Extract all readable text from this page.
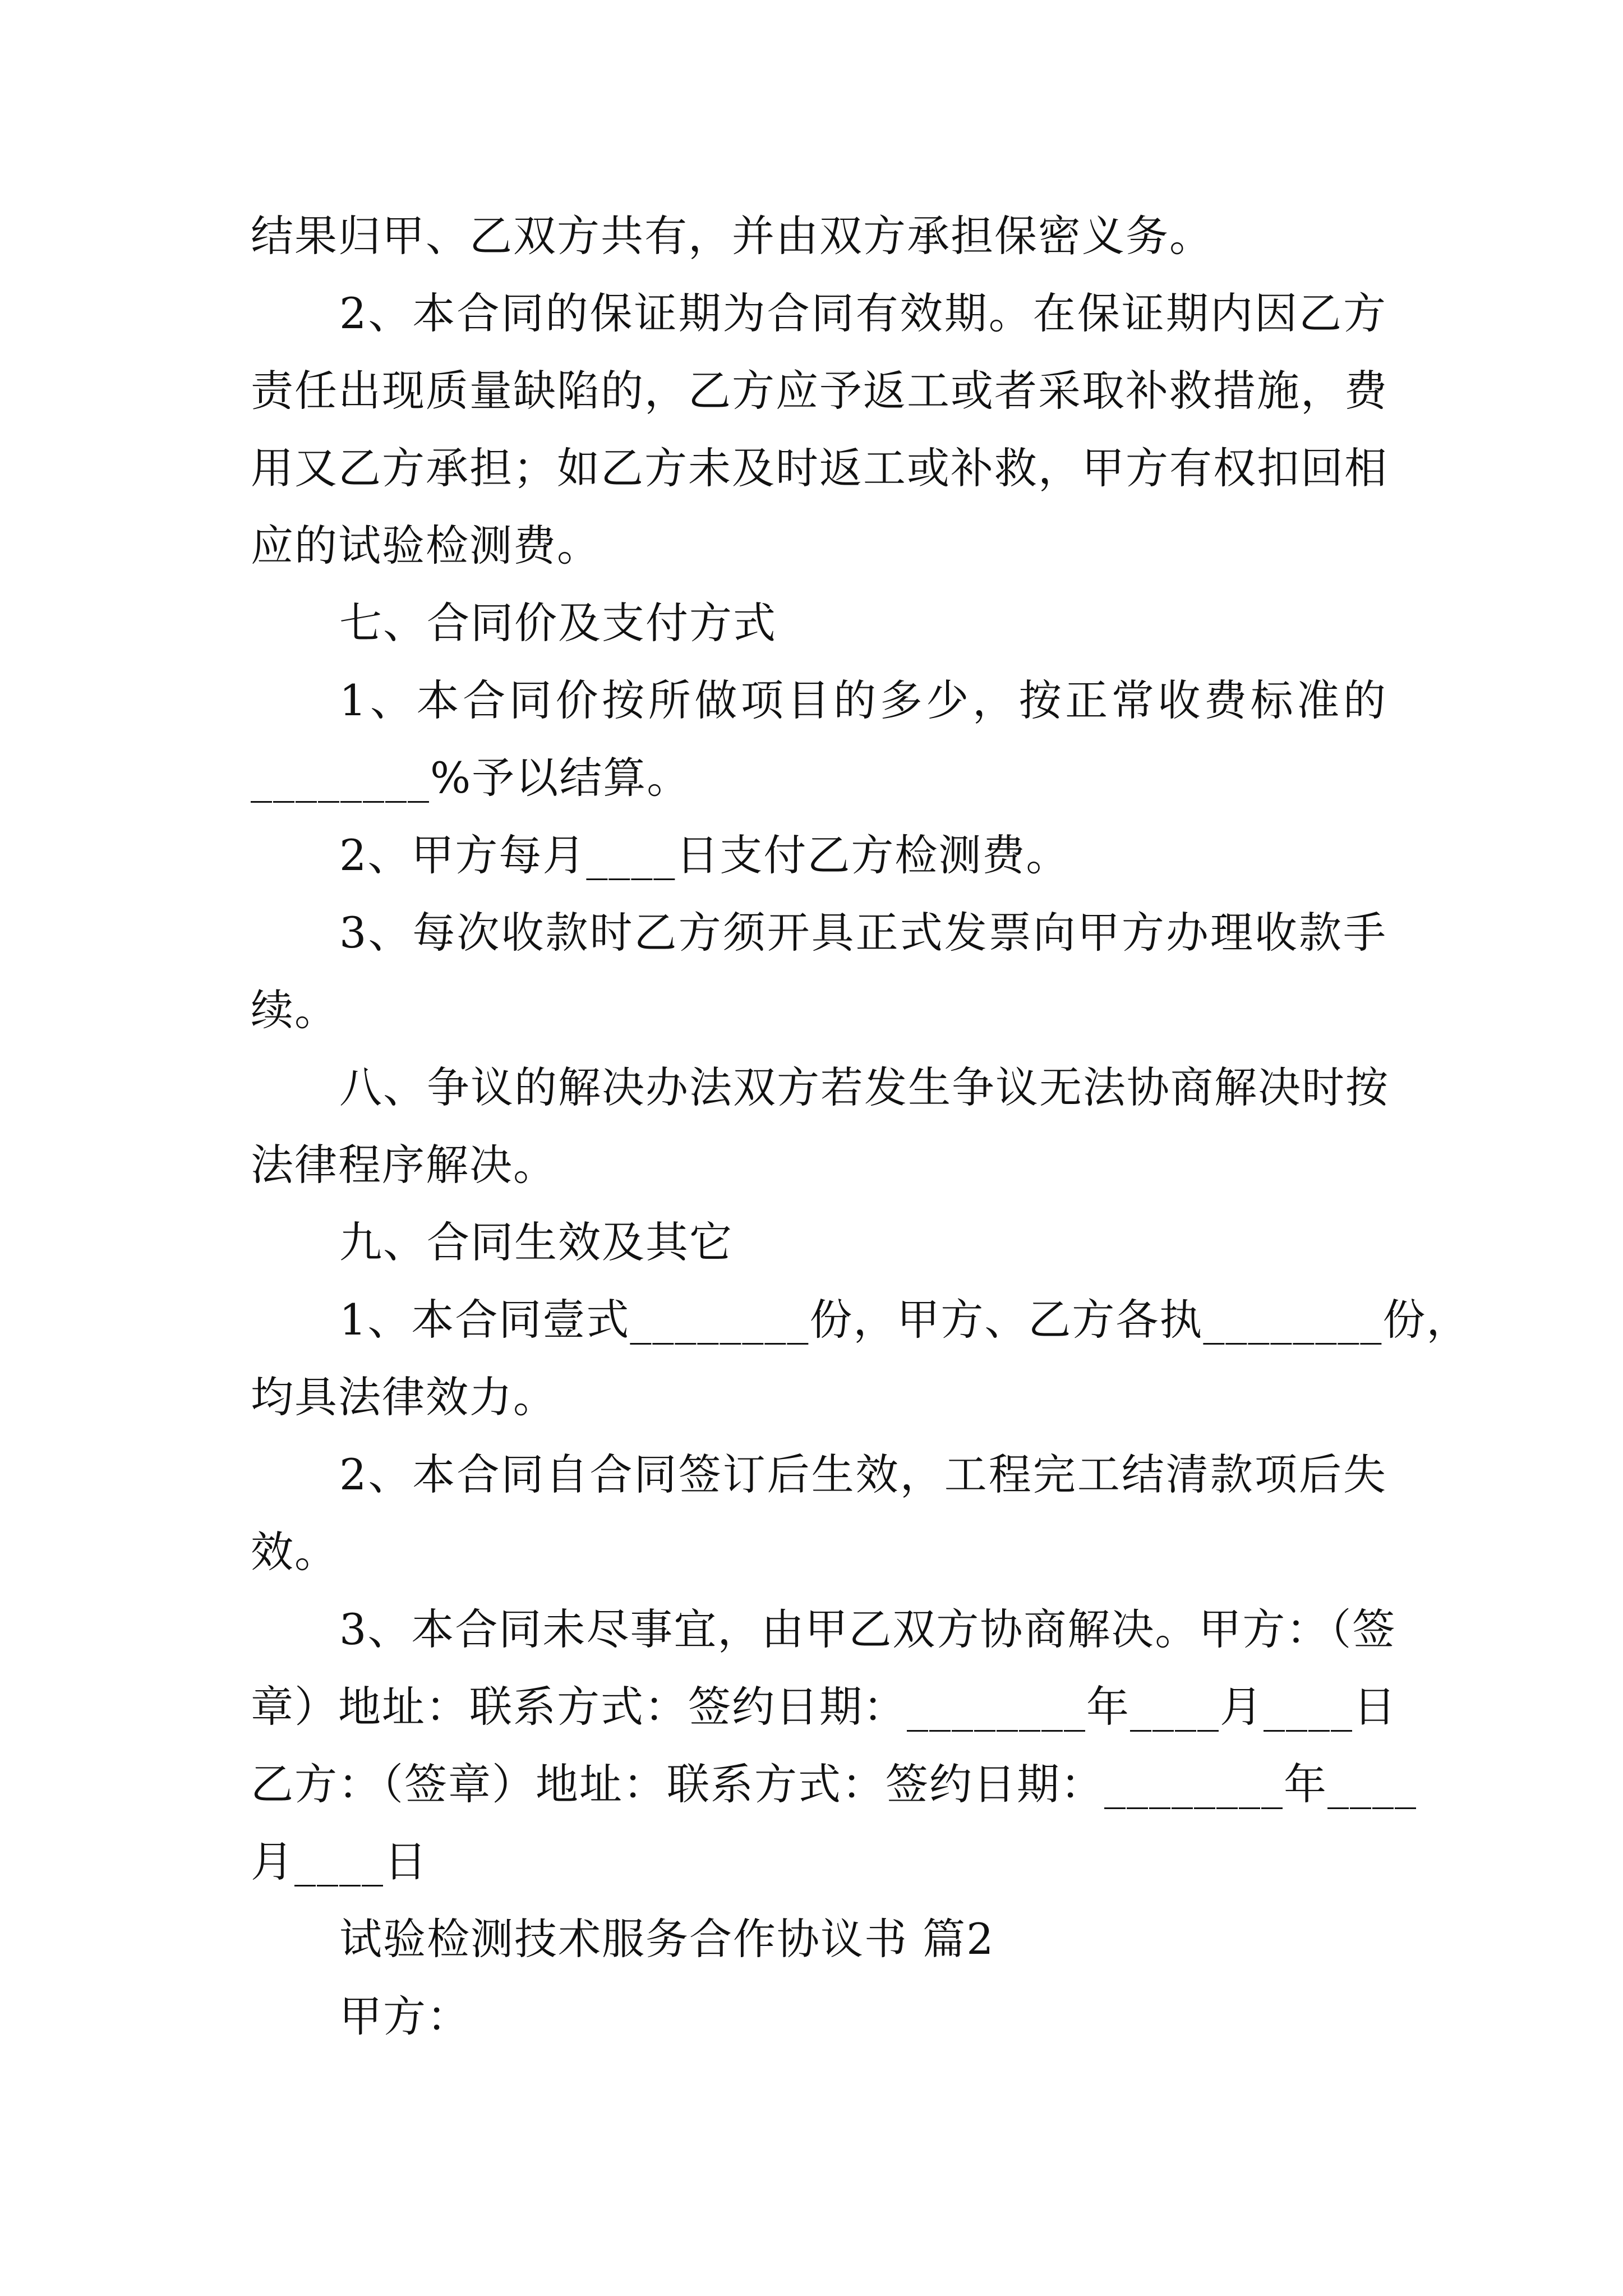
结果归甲、乙双方共有，并由双方承担保密义务。
2、本合同的保证期为合同有效期。在保证期内因乙方
责任出现质量缺陷的，乙方应予返工或者采取补救措施，费
用又乙方承担；如乙方未及时返工或补救，甲方有权扣回相
应的试验检测费。
七、合同价及支付方式
1、本合同价按所做项目的多少，按正常收费标准的
________%予以结算。
2、甲方每月____日支付乙方检测费。
3、每次收款时乙方须开具正式发票向甲方办理收款手
续。
八、争议的解决办法双方若发生争议无法协商解决时按
法律程序解决。
九、合同生效及其它
1、本合同壹式________份，甲方、乙方各执________份，
均具法律效力。
2、本合同自合同签订后生效，工程完工结清款项后失
效。
3、本合同未尽事宜，由甲乙双方协商解决。甲方：（签
章）地址：联系方式：签约日期：________年____月____日
乙方：（签章）地址：联系方式：签约日期：________年____
月____日
试验检测技术服务合作协议书 篇2
甲方：
